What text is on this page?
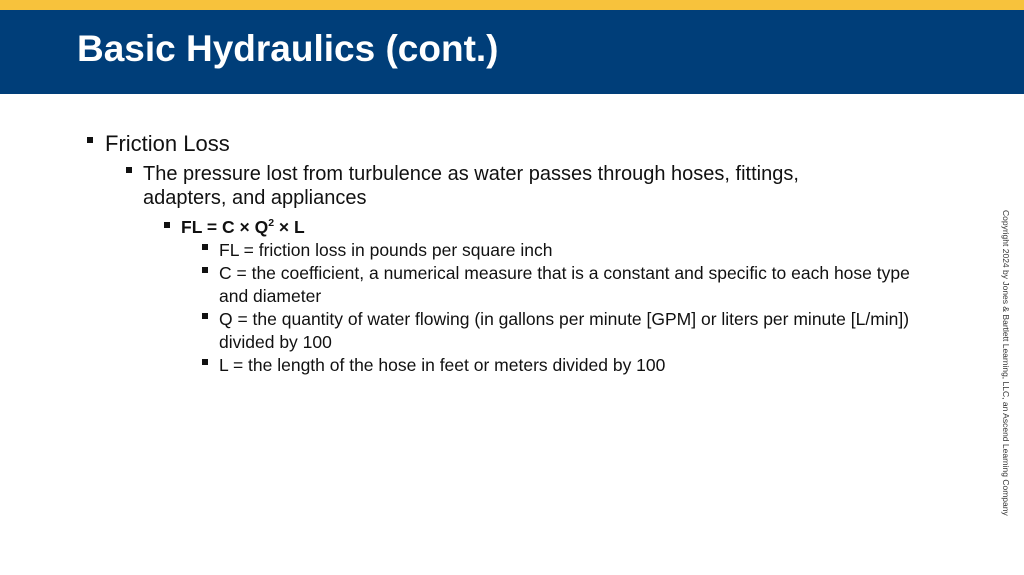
Basic Hydraulics (cont.)
Friction Loss
The pressure lost from turbulence as water passes through hoses, fittings, adapters, and appliances
FL = $C \times Q^2 \times L$
FL = friction loss in pounds per square inch
C = the coefficient, a numerical measure that is a constant and specific to each hose type and diameter
Q = the quantity of water flowing (in gallons per minute [GPM] or liters per minute [L/min]) divided by 100
L = the length of the hose in feet or meters divided by 100	Copyright 2024 by Jones & Bartlett Learning, LLC, an Ascend Learning Company
